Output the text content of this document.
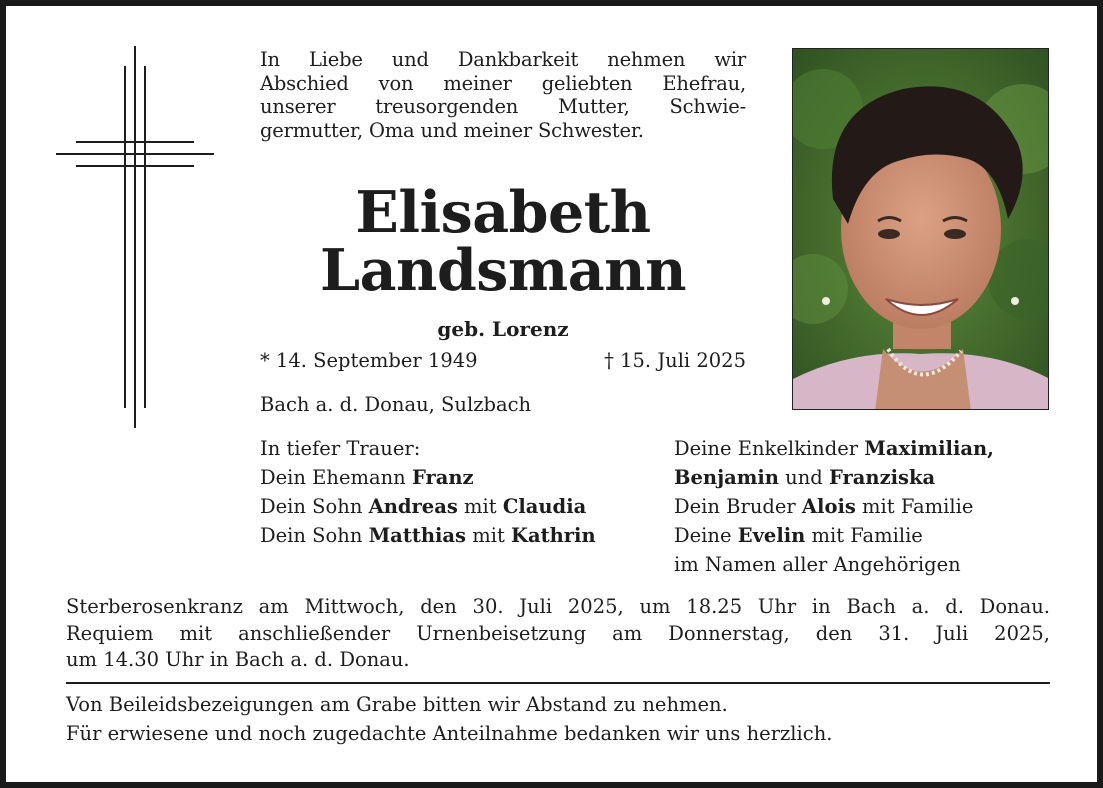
In Liebe und Dankbarkeit nehmen wir
Abschied von meiner geliebten Ehefrau,
unserer treusorgenden Mutter, Schwie-
germutter, Oma und meiner Schwester.
Elisabeth
Landsmann
geb. Lorenz
* 14. September 1949	† 15. Juli 2025
Bach a. d. Donau, Sulzbach
In tiefer Trauer:
Dein Ehemann Franz
Dein Sohn Andreas mit Claudia
Dein Sohn Matthias mit Kathrin
Deine Enkelkinder Maximilian,
Benjamin und Franziska
Dein Bruder Alois mit Familie
Deine Evelin mit Familie
im Namen aller Angehörigen
Sterberosenkranz am Mittwoch, den 30. Juli 2025, um 18.25 Uhr in Bach a. d. Donau.
Requiem mit anschließender Urnenbeisetzung am Donnerstag, den 31. Juli 2025,
um 14.30 Uhr in Bach a. d. Donau.
Von Beileidsbezeigungen am Grabe bitten wir Abstand zu nehmen.
Für erwiesene und noch zugedachte Anteilnahme bedanken wir uns herzlich.
